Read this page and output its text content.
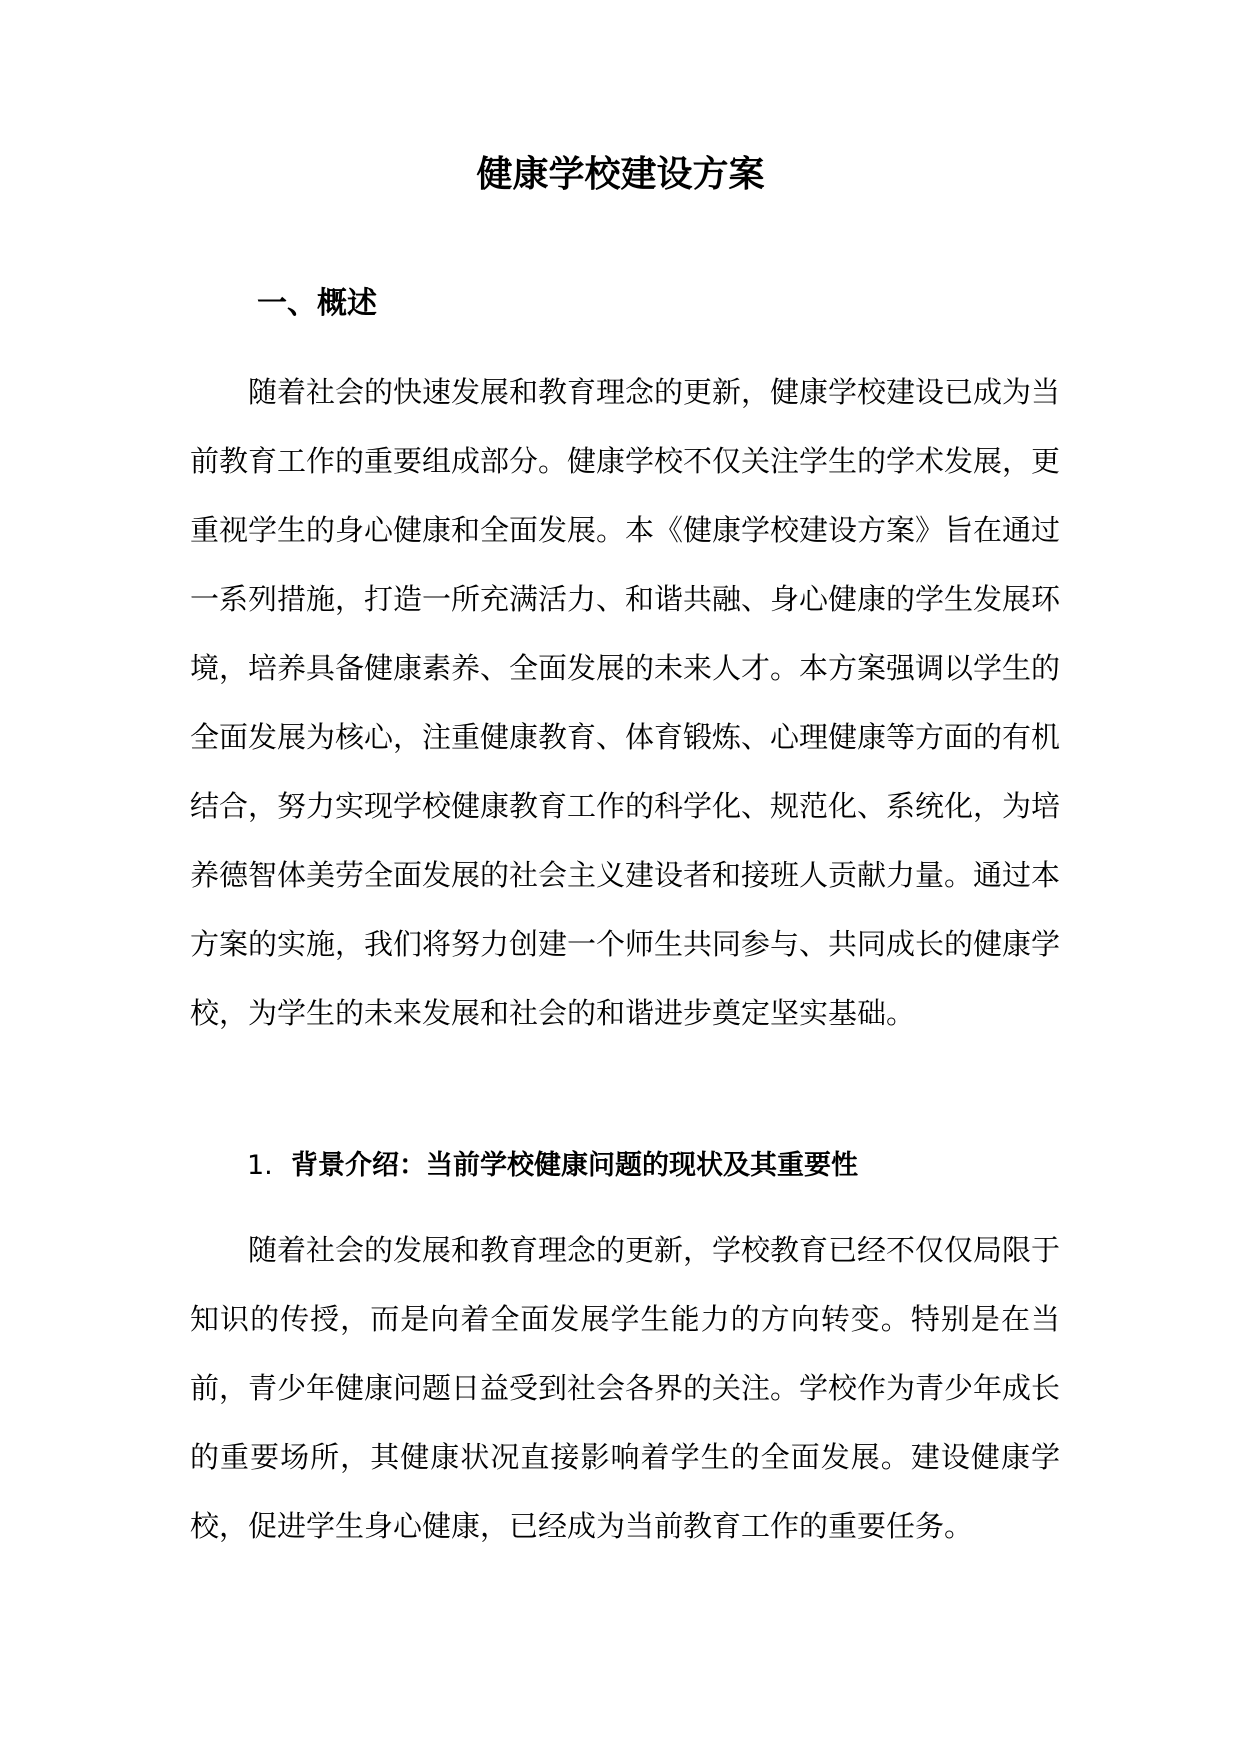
健康学校建设方案
一、概述

随着社会的快速发展和教育理念的更新，健康学校建设已成为当前教育工作的重要组成部分。健康学校不仅关注学生的学术发展，更重视学生的身心健康和全面发展。本《健康学校建设方案》旨在通过一系列措施，打造一所充满活力、和谐共融、身心健康的学生发展环境，培养具备健康素养、全面发展的未来人才。本方案强调以学生的全面发展为核心，注重健康教育、体育锻炼、心理健康等方面的有机结合，努力实现学校健康教育工作的科学化、规范化、系统化，为培养德智体美劳全面发展的社会主义建设者和接班人贡献力量。通过本方案的实施，我们将努力创建一个师生共同参与、共同成长的健康学校，为学生的未来发展和社会的和谐进步奠定坚实基础。

1. 背景介绍：当前学校健康问题的现状及其重要性

随着社会的发展和教育理念的更新，学校教育已经不仅仅局限于知识的传授，而是向着全面发展学生能力的方向转变。特别是在当前，青少年健康问题日益受到社会各界的关注。学校作为青少年成长的重要场所，其健康状况直接影响着学生的全面发展。建设健康学校，促进学生身心健康，已经成为当前教育工作的重要任务。
